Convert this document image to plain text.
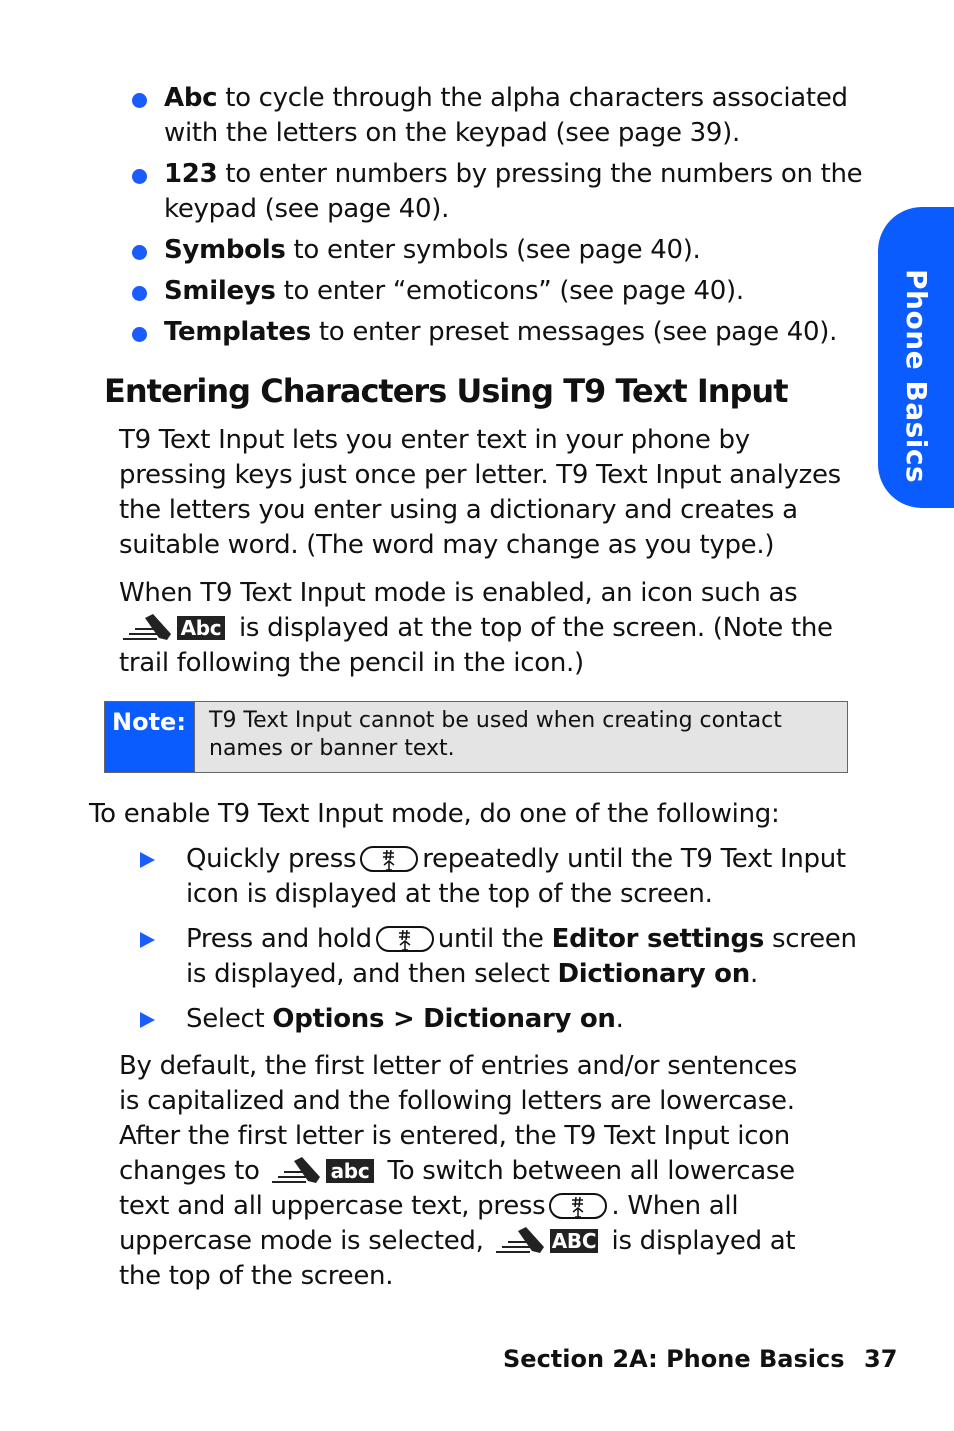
Abc to cycle through the alpha characters associated with the letters on the keypad (see page 39).
123 to enter numbers by pressing the numbers on the keypad (see page 40).
Symbols to enter symbols (see page 40).
Smileys to enter “emoticons” (see page 40).
Templates to enter preset messages (see page 40).
Entering Characters Using T9 Text Input

T9 Text Input lets you enter text in your phone by pressing keys just once per letter. T9 Text Input analyzes the letters you enter using a dictionary and creates a suitable word. (The word may change as you type.)

When T9 Text Input mode is enabled, an icon such as
Abc is displayed at the top of the screen. (Note the trail following the pencil in the icon.)

Note:	T9 Text Input cannot be used when creating contact names or banner text.

To enable T9 Text Input mode, do one of the following:

Quickly press	repeatedly until the T9 Text Input icon is displayed at the top of the screen.
Press and hold	until the Editor settings screen is displayed, and then select Dictionary on.
Select Options > Dictionary on.

By default, the first letter of entries and/or sentences is capitalized and the following letters are lowercase. After the first letter is entered, the T9 Text Input icon changes to	abc To switch between all lowercase text and all uppercase text, press	. When all uppercase mode is selected,	ABC is displayed at the top of the screen.

Phone Basics
Section 2A: Phone Basics 37
